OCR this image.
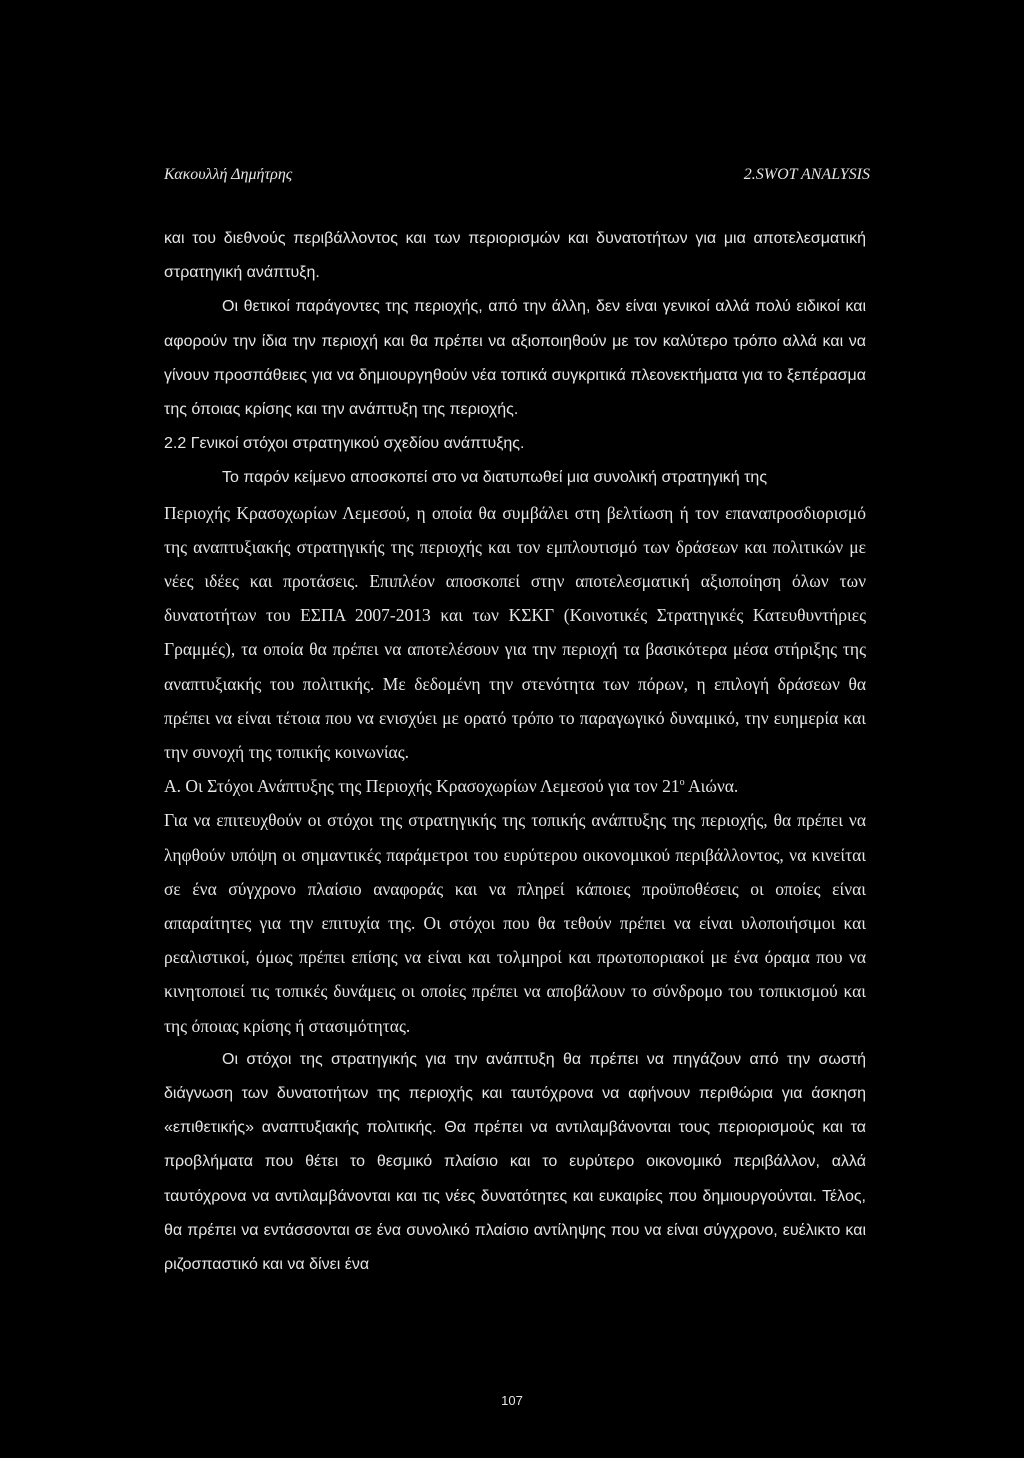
Κακουλλή Δημήτρης	2.SWOT ANALYSIS

και του διεθνούς περιβάλλοντος και των περιορισμών και δυνατοτήτων για μια αποτελεσματική στρατηγική ανάπτυξη.

Οι θετικοί παράγοντες της περιοχής, από την άλλη, δεν είναι γενικοί αλλά πολύ ειδικοί και αφορούν την ίδια την περιοχή και θα πρέπει να αξιοποιηθούν με τον καλύτερο τρόπο αλλά και να γίνουν προσπάθειες για να δημιουργηθούν νέα τοπικά συγκριτικά πλεονεκτήματα για το ξεπέρασμα της όποιας κρίσης και την ανάπτυξη της περιοχής.

2.2 Γενικοί στόχοι στρατηγικού σχεδίου ανάπτυξης.

Το παρόν κείμενο αποσκοπεί στο να διατυπωθεί μια συνολική στρατηγική της

Περιοχής Κρασοχωρίων Λεμεσού, η οποία θα συμβάλει στη βελτίωση ή τον επαναπροσδιορισμό της αναπτυξιακής στρατηγικής της περιοχής και τον εμπλουτισμό των δράσεων και πολιτικών με νέες ιδέες και προτάσεις. Επιπλέον αποσκοπεί στην αποτελεσματική αξιοποίηση όλων των δυνατοτήτων του ΕΣΠΑ 2007-2013 και των ΚΣΚΓ (Κοινοτικές Στρατηγικές Κατευθυντήριες Γραμμές), τα οποία θα πρέπει να αποτελέσουν για την περιοχή τα βασικότερα μέσα στήριξης της αναπτυξιακής του πολιτικής. Με δεδομένη την στενότητα των πόρων, η επιλογή δράσεων θα πρέπει να είναι τέτοια που να ενισχύει με ορατό τρόπο το παραγωγικό δυναμικό, την ευημερία και την συνοχή της τοπικής κοινωνίας.

Α. Οι Στόχοι Ανάπτυξης της Περιοχής Κρασοχωρίων Λεμεσού για τον $21^o$ Αιώνα.

Για να επιτευχθούν οι στόχοι της στρατηγικής της τοπικής ανάπτυξης της περιοχής, θα πρέπει να ληφθούν υπόψη οι σημαντικές παράμετροι του ευρύτερου οικονομικού περιβάλλοντος, να κινείται σε ένα σύγχρονο πλαίσιο αναφοράς και να πληρεί κάποιες προϋποθέσεις οι οποίες είναι απαραίτητες για την επιτυχία της. Οι στόχοι που θα τεθούν πρέπει να είναι υλοποιήσιμοι και ρεαλιστικοί, όμως πρέπει επίσης να είναι και τολμηροί και πρωτοποριακοί με ένα όραμα που να κινητοποιεί τις τοπικές δυνάμεις οι οποίες πρέπει να αποβάλουν το σύνδρομο του τοπικισμού και της όποιας κρίσης ή στασιμότητας.

Οι στόχοι της στρατηγικής για την ανάπτυξη θα πρέπει να πηγάζουν από την σωστή διάγνωση των δυνατοτήτων της περιοχής και ταυτόχρονα να αφήνουν περιθώρια για άσκηση «επιθετικής» αναπτυξιακής πολιτικής. Θα πρέπει να αντιλαμβάνονται τους περιορισμούς και τα προβλήματα που θέτει το θεσμικό πλαίσιο και το ευρύτερο οικονομικό περιβάλλον, αλλά ταυτόχρονα να αντιλαμβάνονται και τις νέες δυνατότητες και ευκαιρίες που δημιουργούνται. Τέλος, θα πρέπει να εντάσσονται σε ένα συνολικό πλαίσιο αντίληψης που να είναι σύγχρονο, ευέλικτο και ριζοσπαστικό και να δίνει ένα

107
